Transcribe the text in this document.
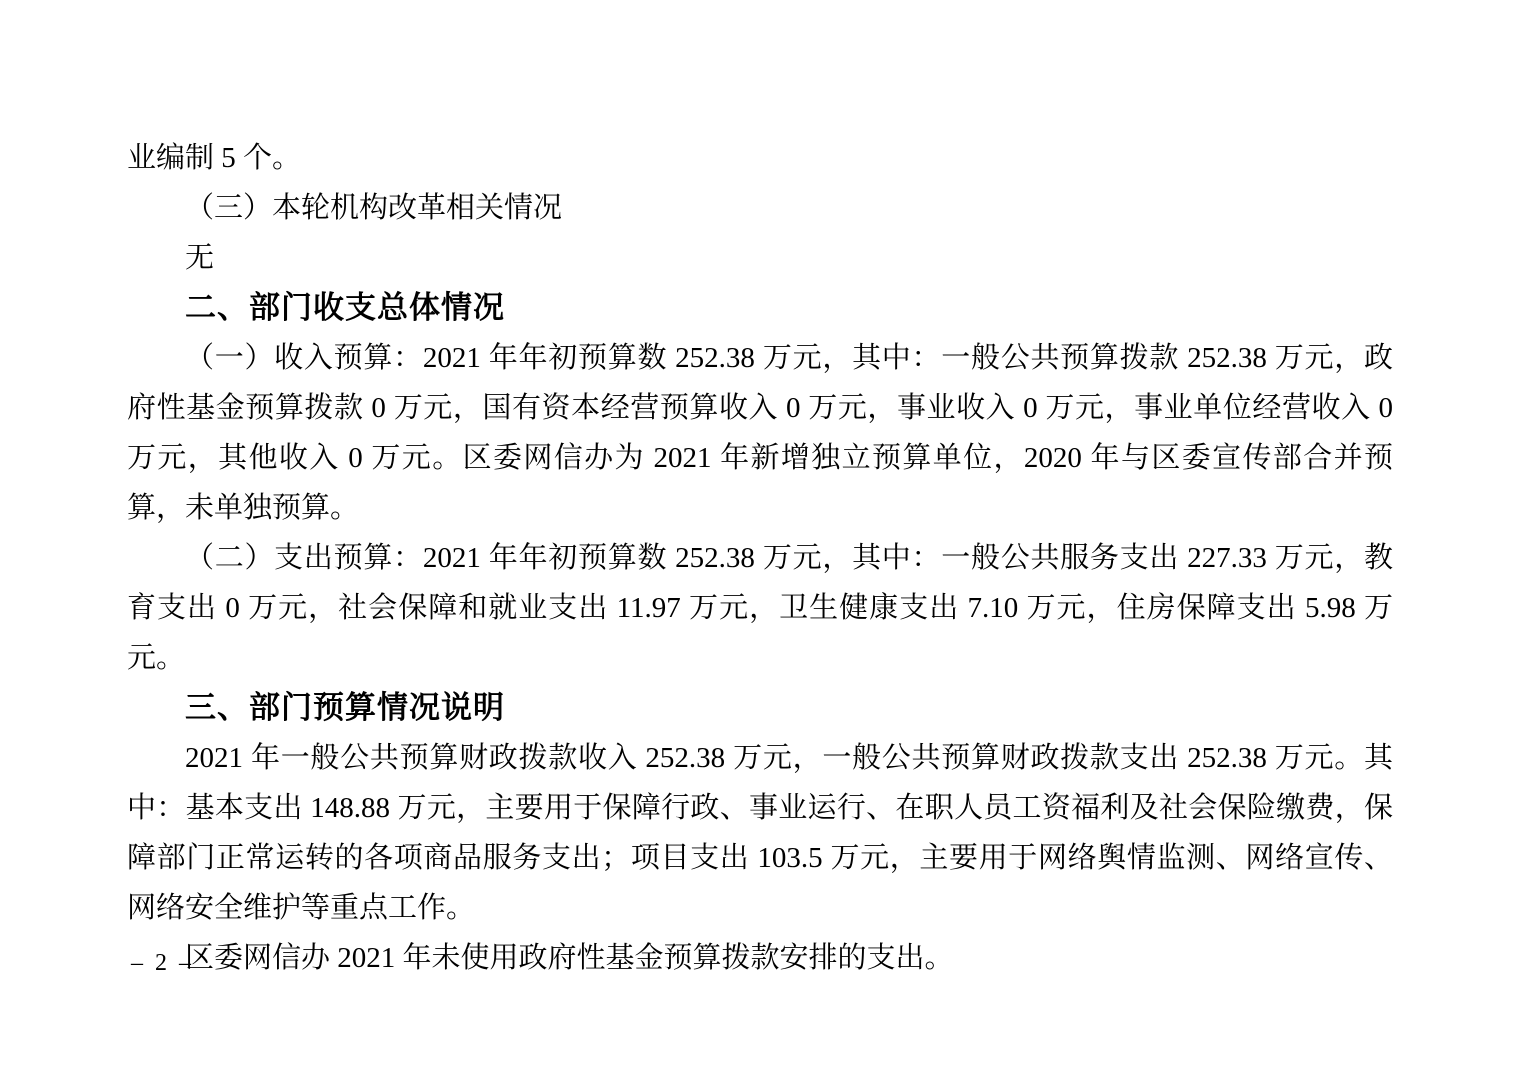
业编制 5 个。

（三）本轮机构改革相关情况

无

二、部门收支总体情况

（一）收入预算：2021 年年初预算数 252.38 万元，其中：一般公共预算拨款 252.38 万元，政府性基金预算拨款 0 万元，国有资本经营预算收入 0 万元，事业收入 0 万元，事业单位经营收入 0 万元，其他收入 0 万元。区委网信办为 2021 年新增独立预算单位，2020 年与区委宣传部合并预算，未单独预算。

（二）支出预算：2021 年年初预算数 252.38 万元，其中：一般公共服务支出 227.33 万元，教育支出 0 万元，社会保障和就业支出 11.97 万元，卫生健康支出 7.10 万元，住房保障支出 5.98 万元。

三、部门预算情况说明

2021 年一般公共预算财政拨款收入 252.38 万元，一般公共预算财政拨款支出 252.38 万元。其中：基本支出 148.88 万元，主要用于保障行政、事业运行、在职人员工资福利及社会保险缴费，保障部门正常运转的各项商品服务支出；项目支出 103.5 万元，主要用于网络舆情监测、网络宣传、网络安全维护等重点工作。

区委网信办 2021 年未使用政府性基金预算拨款安排的支出。

– 2 –
